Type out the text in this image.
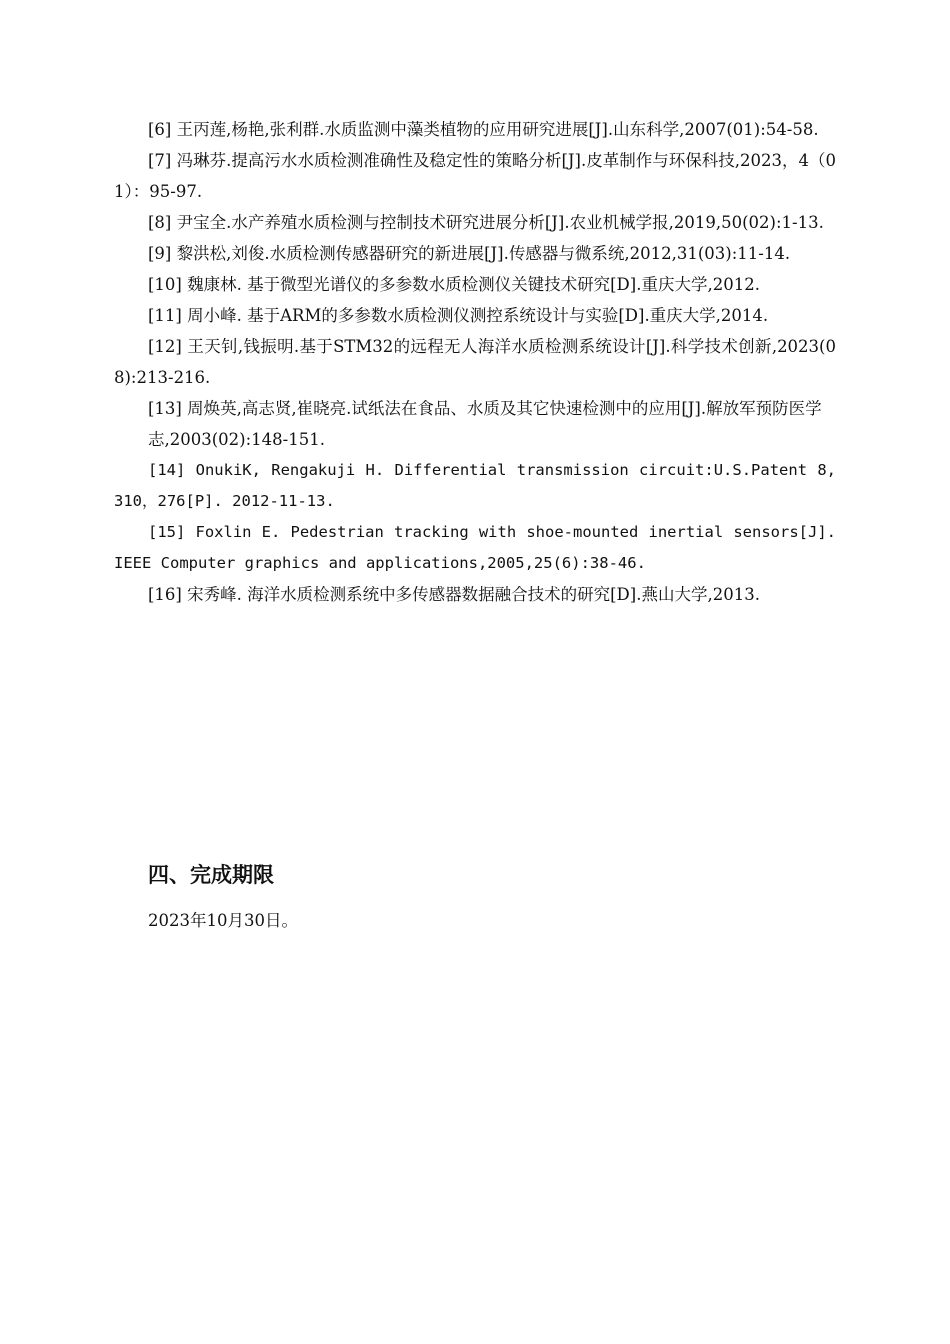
[6] 王丙莲,杨艳,张利群.水质监测中藻类植物的应用研究进展[J].山东科学,2007(01):54-58.

[7] 冯琳芬.提高污水水质检测准确性及稳定性的策略分析[J].皮革制作与环保科技,2023，4（01）：95-97.

[8] 尹宝全.水产养殖水质检测与控制技术研究进展分析[J].农业机械学报,2019,50(02):1-13.

[9] 黎洪松,刘俊.水质检测传感器研究的新进展[J].传感器与微系统,2012,31(03):11-14.

[10] 魏康林. 基于微型光谱仪的多参数水质检测仪关键技术研究[D].重庆大学,2012.

[11] 周小峰. 基于ARM的多参数水质检测仪测控系统设计与实验[D].重庆大学,2014.

[12] 王天钊,钱振明.基于STM32的远程无人海洋水质检测系统设计[J].科学技术创新,2023(08):213-216.

[13] 周焕英,高志贤,崔晓亮.试纸法在食品、水质及其它快速检测中的应用[J].解放军预防医学

志,2003(02):148-151.

[14] OnukiK, Rengakuji H. Differential transmission circuit:U.S.Patent 8,310，276[P]. 2012-11-13.

[15] Foxlin E. Pedestrian tracking with shoe-mounted inertial sensors[J].IEEE Computer graphics and applications,2005,25(6):38-46.

[16] 宋秀峰. 海洋水质检测系统中多传感器数据融合技术的研究[D].燕山大学,2013.

四、完成期限

2023年10月30日。
